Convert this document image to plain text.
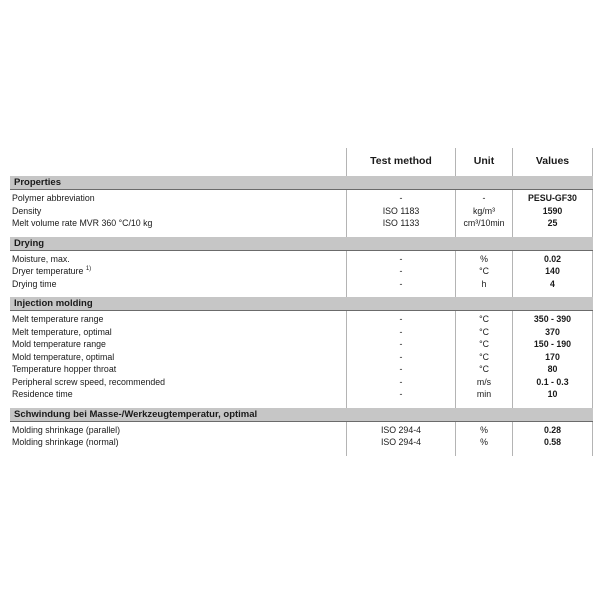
Test method	Unit	Values
Properties
Polymer abbreviation
Density
Melt volume rate MVR 360 °C/10 kg
-
ISO 1183
ISO 1133
-
kg/m³
cm³/10min
PESU-GF30
1590
25
Drying
Moisture, max.
Dryer temperature $^{1)}$
Drying time
-
-
-
%
°C
h
0.02
140
4
Injection molding
Melt temperature range
Melt temperature, optimal
Mold temperature range
Mold temperature, optimal
Temperature hopper throat
Peripheral screw speed, recommended
Residence time
-
-
-
-
-
-
-
°C
°C
°C
°C
°C
m/s
min
350 - 390
370
150 - 190
170
80
0.1 - 0.3
10
Schwindung bei Masse-/Werkzeugtemperatur, optimal
Molding shrinkage (parallel)
Molding shrinkage (normal)
ISO 294-4
ISO 294-4
%
%
0.28
0.58
